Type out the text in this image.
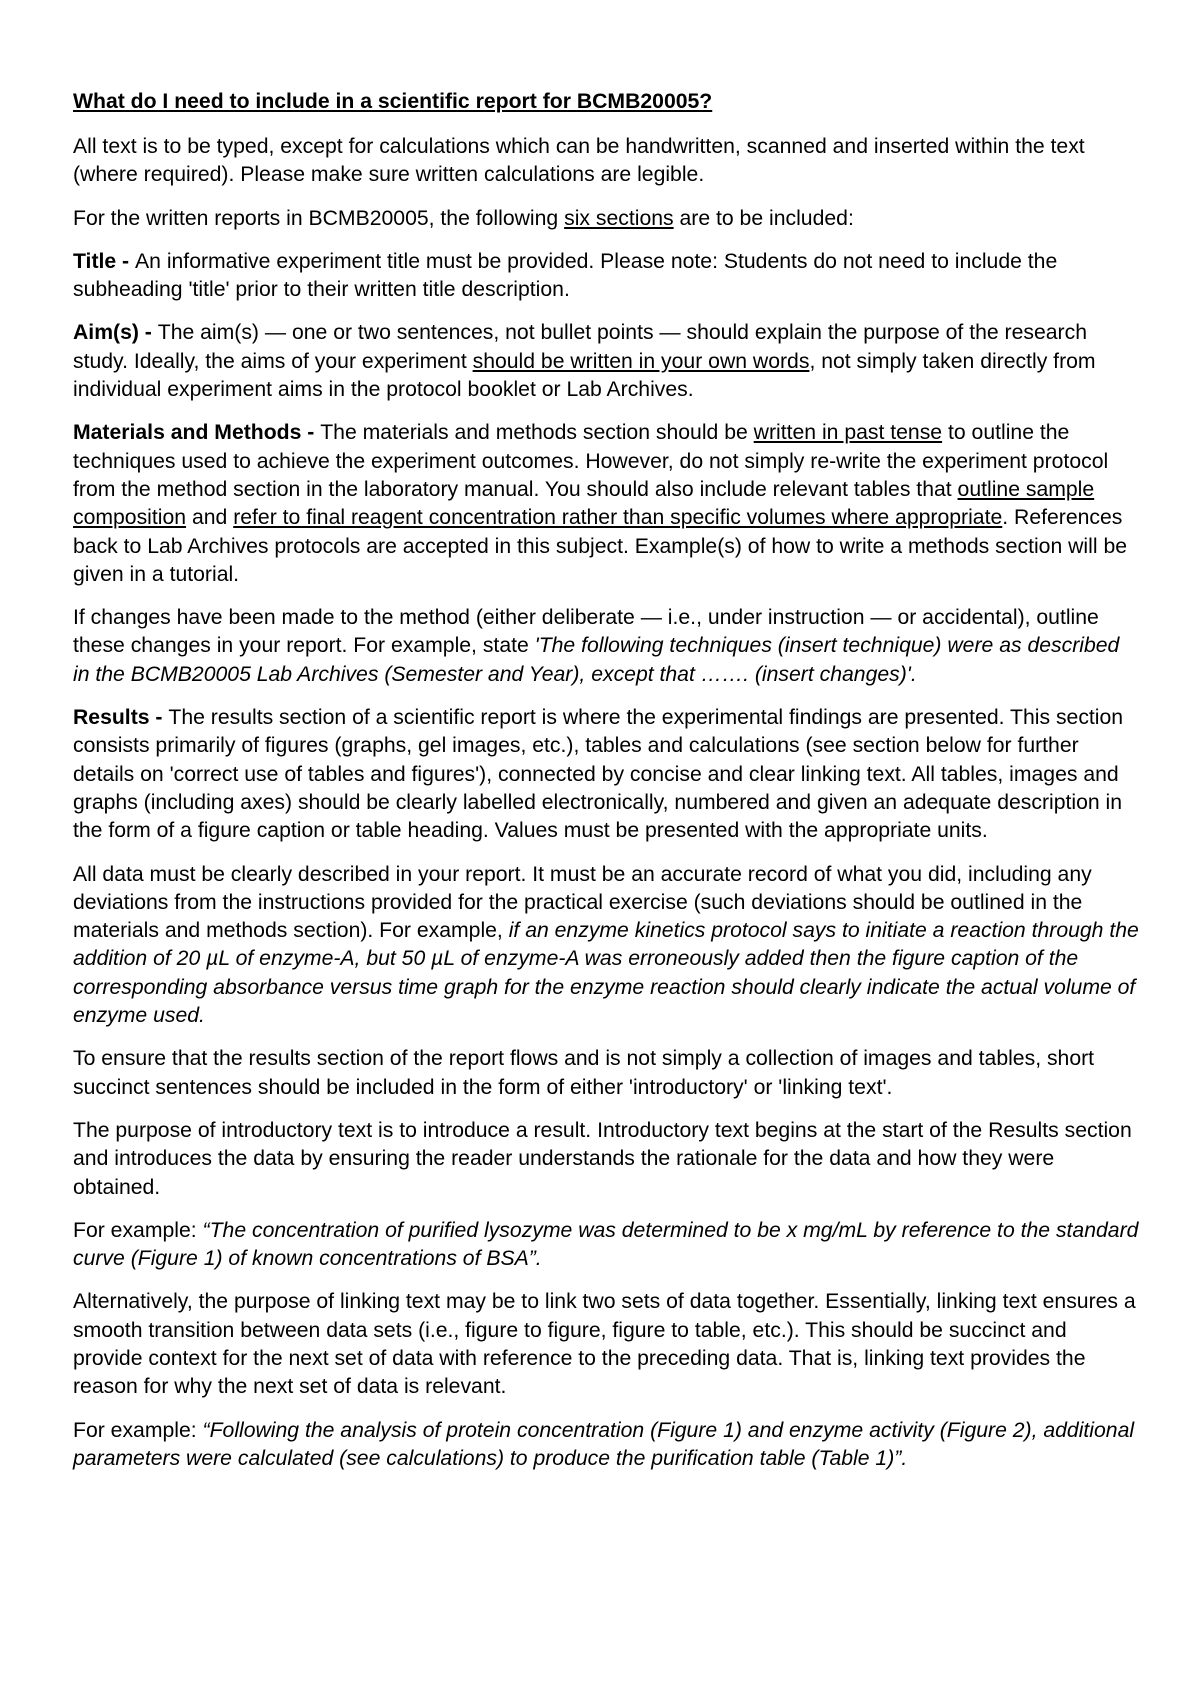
What do I need to include in a scientific report for BCMB20005?

All text is to be typed, except for calculations which can be handwritten, scanned and inserted within the text (where required). Please make sure written calculations are legible.

For the written reports in BCMB20005, the following six sections are to be included:

Title - An informative experiment title must be provided. Please note: Students do not need to include the subheading 'title' prior to their written title description.

Aim(s) - The aim(s) — one or two sentences, not bullet points — should explain the purpose of the research study. Ideally, the aims of your experiment should be written in your own words, not simply taken directly from individual experiment aims in the protocol booklet or Lab Archives.

Materials and Methods - The materials and methods section should be written in past tense to outline the techniques used to achieve the experiment outcomes. However, do not simply re-write the experiment protocol from the method section in the laboratory manual. You should also include relevant tables that outline sample composition and refer to final reagent concentration rather than specific volumes where appropriate. References back to Lab Archives protocols are accepted in this subject. Example(s) of how to write a methods section will be given in a tutorial.

If changes have been made to the method (either deliberate — i.e., under instruction — or accidental), outline these changes in your report. For example, state 'The following techniques (insert technique) were as described in the BCMB20005 Lab Archives (Semester and Year), except that ……. (insert changes)'.

Results - The results section of a scientific report is where the experimental findings are presented. This section consists primarily of figures (graphs, gel images, etc.), tables and calculations (see section below for further details on 'correct use of tables and figures'), connected by concise and clear linking text. All tables, images and graphs (including axes) should be clearly labelled electronically, numbered and given an adequate description in the form of a figure caption or table heading. Values must be presented with the appropriate units.

All data must be clearly described in your report. It must be an accurate record of what you did, including any deviations from the instructions provided for the practical exercise (such deviations should be outlined in the materials and methods section). For example, if an enzyme kinetics protocol says to initiate a reaction through the addition of 20 µL of enzyme-A, but 50 µL of enzyme-A was erroneously added then the figure caption of the corresponding absorbance versus time graph for the enzyme reaction should clearly indicate the actual volume of enzyme used.

To ensure that the results section of the report flows and is not simply a collection of images and tables, short succinct sentences should be included in the form of either 'introductory' or 'linking text'.

The purpose of introductory text is to introduce a result. Introductory text begins at the start of the Results section and introduces the data by ensuring the reader understands the rationale for the data and how they were obtained.

For example: “The concentration of purified lysozyme was determined to be x mg/mL by reference to the standard curve (Figure 1) of known concentrations of BSA”.

Alternatively, the purpose of linking text may be to link two sets of data together. Essentially, linking text ensures a smooth transition between data sets (i.e., figure to figure, figure to table, etc.). This should be succinct and provide context for the next set of data with reference to the preceding data. That is, linking text provides the reason for why the next set of data is relevant.

For example: “Following the analysis of protein concentration (Figure 1) and enzyme activity (Figure 2), additional parameters were calculated (see calculations) to produce the purification table (Table 1)”.
